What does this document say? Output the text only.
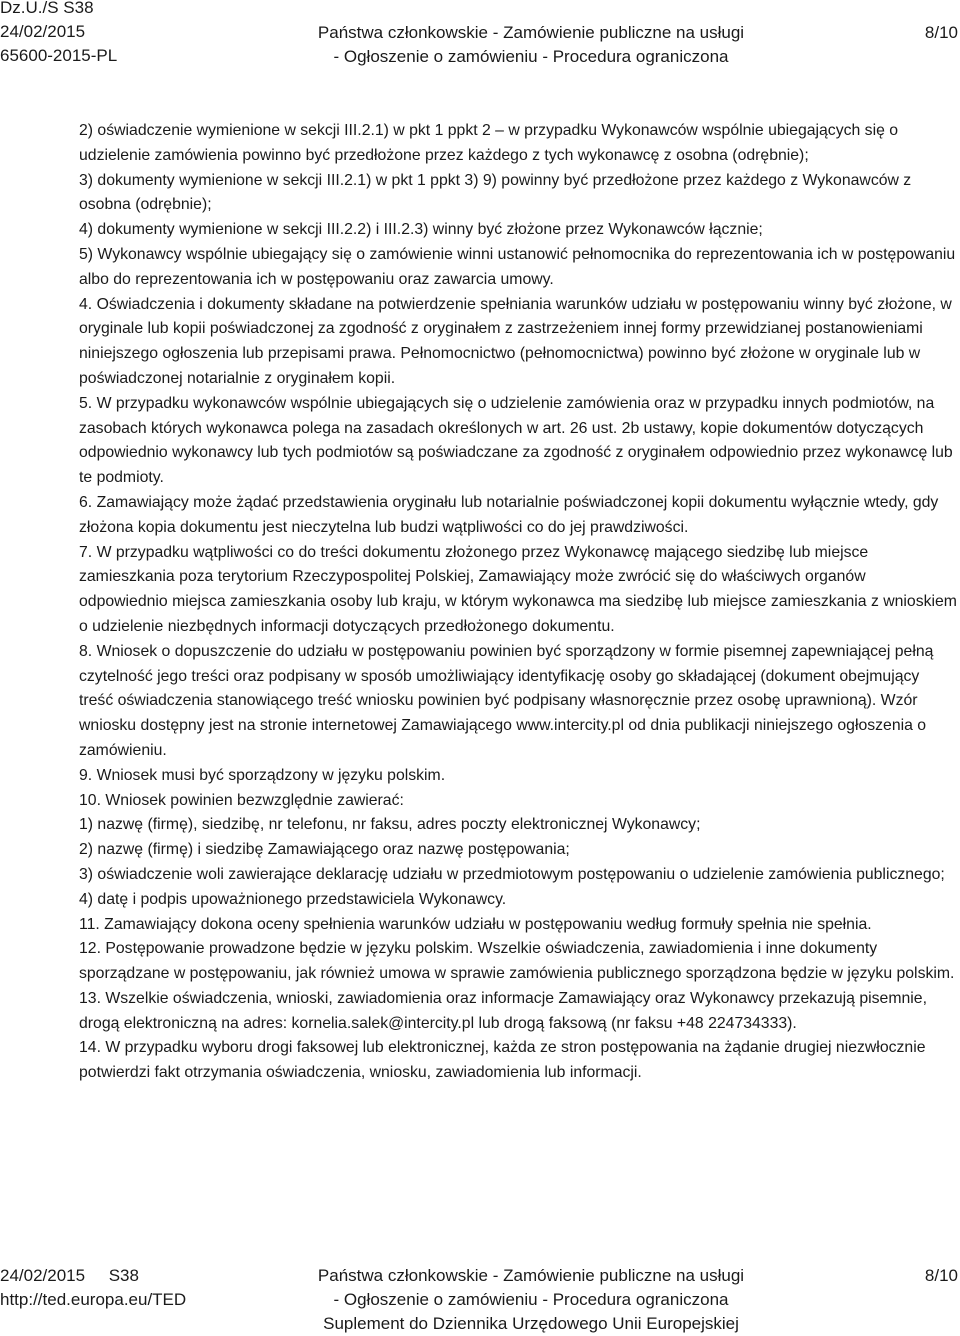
Dz.U./S S38
24/02/2015
65600-2015-PL
Państwa członkowskie - Zamówienie publiczne na usługi
- Ogłoszenie o zamówieniu - Procedura ograniczona
8/10

2) oświadczenie wymienione w sekcji III.2.1) w pkt 1 ppkt 2 – w przypadku Wykonawców wspólnie ubiegających się o udzielenie zamówienia powinno być przedłożone przez każdego z tych wykonawcę z osobna (odrębnie);

3) dokumenty wymienione w sekcji III.2.1) w pkt 1 ppkt 3) 9) powinny być przedłożone przez każdego z Wykonawców z osobna (odrębnie);

4) dokumenty wymienione w sekcji III.2.2) i III.2.3) winny być złożone przez Wykonawców łącznie;

5) Wykonawcy wspólnie ubiegający się o zamówienie winni ustanowić pełnomocnika do reprezentowania ich w postępowaniu albo do reprezentowania ich w postępowaniu oraz zawarcia umowy.

4. Oświadczenia i dokumenty składane na potwierdzenie spełniania warunków udziału w postępowaniu winny być złożone, w oryginale lub kopii poświadczonej za zgodność z oryginałem z zastrzeżeniem innej formy przewidzianej postanowieniami niniejszego ogłoszenia lub przepisami prawa. Pełnomocnictwo (pełnomocnictwa) powinno być złożone w oryginale lub w poświadczonej notarialnie z oryginałem kopii.

5. W przypadku wykonawców wspólnie ubiegających się o udzielenie zamówienia oraz w przypadku innych podmiotów, na zasobach których wykonawca polega na zasadach określonych w art. 26 ust. 2b ustawy, kopie dokumentów dotyczących odpowiednio wykonawcy lub tych podmiotów są poświadczane za zgodność z oryginałem odpowiednio przez wykonawcę lub te podmioty.

6. Zamawiający może żądać przedstawienia oryginału lub notarialnie poświadczonej kopii dokumentu wyłącznie wtedy, gdy złożona kopia dokumentu jest nieczytelna lub budzi wątpliwości co do jej prawdziwości.

7. W przypadku wątpliwości co do treści dokumentu złożonego przez Wykonawcę mającego siedzibę lub miejsce zamieszkania poza terytorium Rzeczypospolitej Polskiej, Zamawiający może zwrócić się do właściwych organów odpowiednio miejsca zamieszkania osoby lub kraju, w którym wykonawca ma siedzibę lub miejsce zamieszkania z wnioskiem o udzielenie niezbędnych informacji dotyczących przedłożonego dokumentu.

8. Wniosek o dopuszczenie do udziału w postępowaniu powinien być sporządzony w formie pisemnej zapewniającej pełną czytelność jego treści oraz podpisany w sposób umożliwiający identyfikację osoby go składającej (dokument obejmujący treść oświadczenia stanowiącego treść wniosku powinien być podpisany własnoręcznie przez osobę uprawnioną). Wzór wniosku dostępny jest na stronie internetowej Zamawiającego www.intercity.pl od dnia publikacji niniejszego ogłoszenia o zamówieniu.

9. Wniosek musi być sporządzony w języku polskim.

10. Wniosek powinien bezwzględnie zawierać:

1) nazwę (firmę), siedzibę, nr telefonu, nr faksu, adres poczty elektronicznej Wykonawcy;

2) nazwę (firmę) i siedzibę Zamawiającego oraz nazwę postępowania;

3) oświadczenie woli zawierające deklarację udziału w przedmiotowym postępowaniu o udzielenie zamówienia publicznego;

4) datę i podpis upoważnionego przedstawiciela Wykonawcy.

11. Zamawiający dokona oceny spełnienia warunków udziału w postępowaniu według formuły spełnia nie spełnia.

12. Postępowanie prowadzone będzie w języku polskim. Wszelkie oświadczenia, zawiadomienia i inne dokumenty sporządzane w postępowaniu, jak również umowa w sprawie zamówienia publicznego sporządzona będzie w języku polskim.

13. Wszelkie oświadczenia, wnioski, zawiadomienia oraz informacje Zamawiający oraz Wykonawcy przekazują pisemnie, drogą elektroniczną na adres: kornelia.salek@intercity.pl lub drogą faksową (nr faksu +48 224734333).

14. W przypadku wyboru drogi faksowej lub elektronicznej, każda ze stron postępowania na żądanie drugiej niezwłocznie potwierdzi fakt otrzymania oświadczenia, wniosku, zawiadomienia lub informacji.

24/02/2015     S38
http://ted.europa.eu/TED
Państwa członkowskie - Zamówienie publiczne na usługi
- Ogłoszenie o zamówieniu - Procedura ograniczona
Suplement do Dziennika Urzędowego Unii Europejskiej
8/10
